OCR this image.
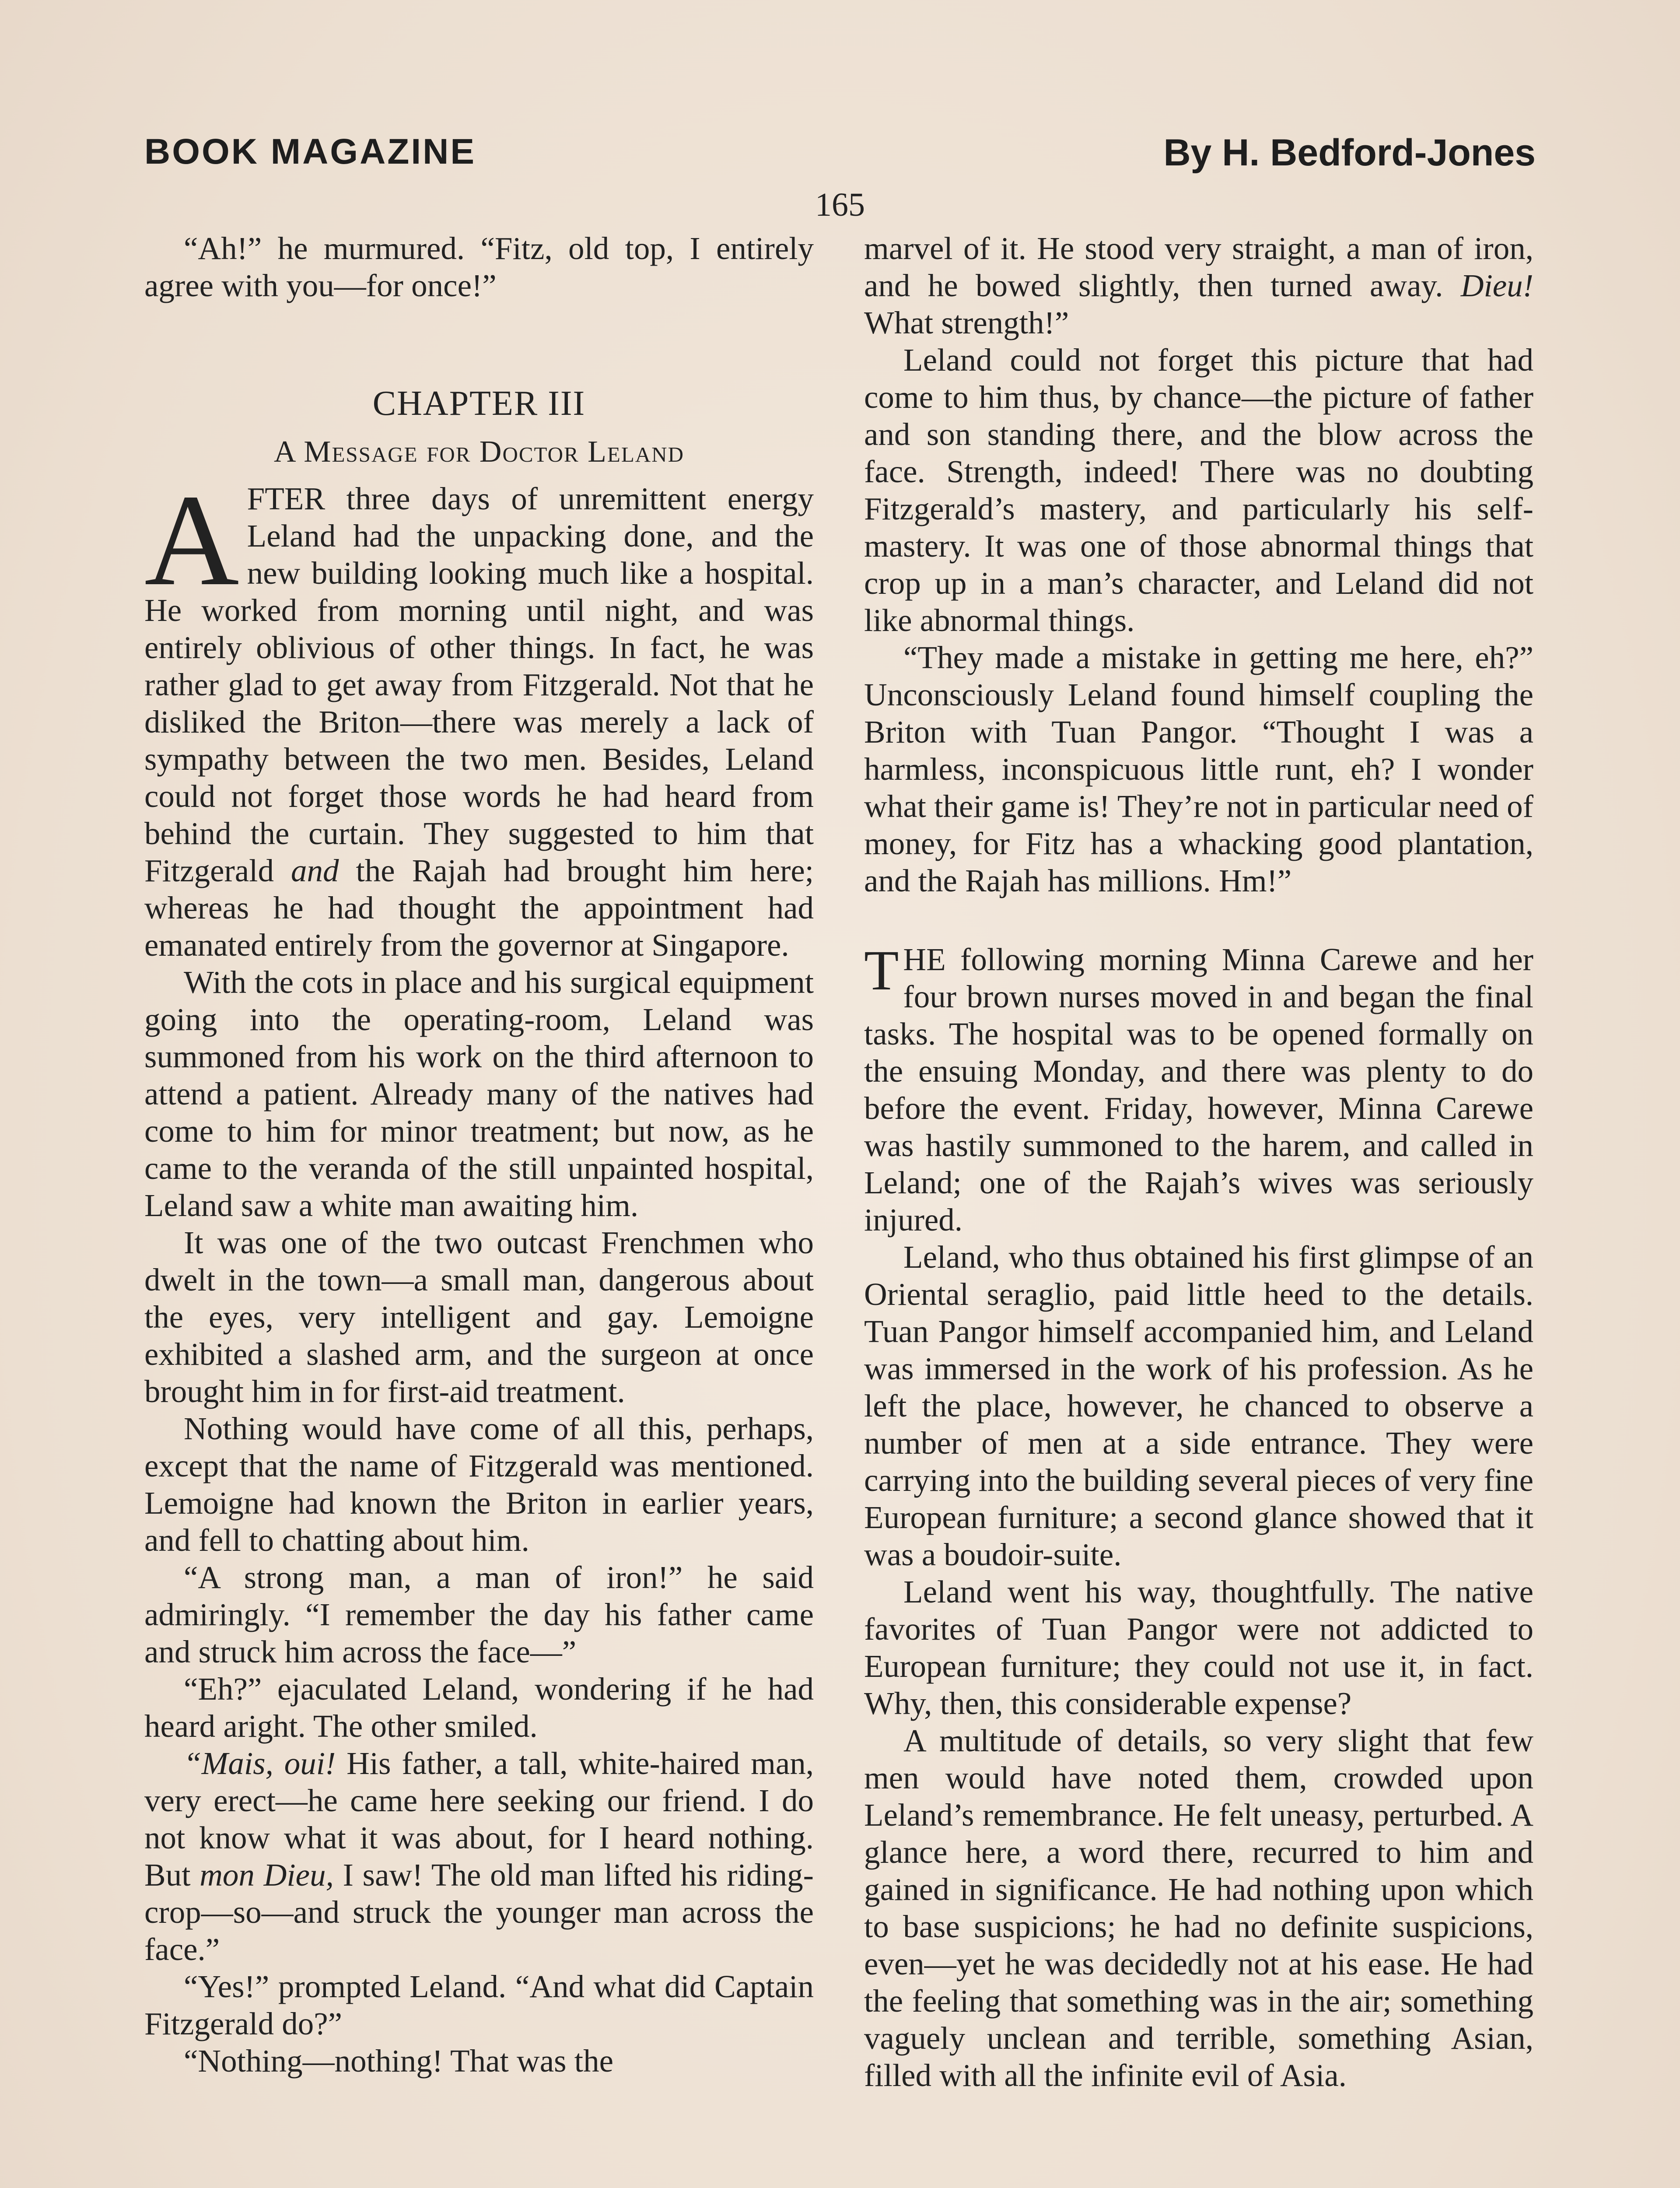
BOOK MAGAZINE	By H. Bedford-Jones
165

“Ah!” he murmured. “Fitz, old top, I entirely agree with you—for once!”

CHAPTER III
A Message for Doctor Leland

AFTER three days of unremittent energy Leland had the unpacking done, and the new building looking much like a hospital. He worked from morning until night, and was entirely oblivious of other things. In fact, he was rather glad to get away from Fitzgerald. Not that he disliked the Briton—there was merely a lack of sympathy between the two men. Besides, Leland could not forget those words he had heard from behind the curtain. They suggested to him that Fitzgerald and the Rajah had brought him here; whereas he had thought the appointment had emanated entirely from the governor at Singapore.

With the cots in place and his surgical equipment going into the operating-room, Leland was summoned from his work on the third afternoon to attend a patient. Already many of the natives had come to him for minor treatment; but now, as he came to the veranda of the still unpainted hospital, Leland saw a white man awaiting him.

It was one of the two outcast Frenchmen who dwelt in the town—a small man, dangerous about the eyes, very intelligent and gay. Lemoigne exhibited a slashed arm, and the surgeon at once brought him in for first-aid treatment.

Nothing would have come of all this, perhaps, except that the name of Fitzgerald was mentioned. Lemoigne had known the Briton in earlier years, and fell to chatting about him.

“A strong man, a man of iron!” he said admiringly. “I remember the day his father came and struck him across the face—”

“Eh?” ejaculated Leland, wondering if he had heard aright. The other smiled.

“Mais, oui! His father, a tall, white-haired man, very erect—he came here seeking our friend. I do not know what it was about, for I heard nothing. But mon Dieu, I saw! The old man lifted his riding-crop—so—and struck the younger man across the face.”

“Yes!” prompted Leland. “And what did Captain Fitzgerald do?”

“Nothing—nothing! That was the

marvel of it. He stood very straight, a man of iron, and he bowed slightly, then turned away. Dieu! What strength!”

Leland could not forget this picture that had come to him thus, by chance—the picture of father and son standing there, and the blow across the face. Strength, indeed! There was no doubting Fitzgerald’s mastery, and particularly his self-mastery. It was one of those abnormal things that crop up in a man’s character, and Leland did not like abnormal things.

“They made a mistake in getting me here, eh?” Unconsciously Leland found himself coupling the Briton with Tuan Pangor. “Thought I was a harmless, inconspicuous little runt, eh? I wonder what their game is! They’re not in particular need of money, for Fitz has a whacking good plantation, and the Rajah has millions. Hm!”

THE following morning Minna Carewe and her four brown nurses moved in and began the final tasks. The hospital was to be opened formally on the ensuing Monday, and there was plenty to do before the event. Friday, however, Minna Carewe was hastily summoned to the harem, and called in Leland; one of the Rajah’s wives was seriously injured.

Leland, who thus obtained his first glimpse of an Oriental seraglio, paid little heed to the details. Tuan Pangor himself accompanied him, and Leland was immersed in the work of his profession. As he left the place, however, he chanced to observe a number of men at a side entrance. They were carrying into the building several pieces of very fine European furniture; a second glance showed that it was a boudoir-suite.

Leland went his way, thoughtfully. The native favorites of Tuan Pangor were not addicted to European furniture; they could not use it, in fact. Why, then, this considerable expense?

A multitude of details, so very slight that few men would have noted them, crowded upon Leland’s remembrance. He felt uneasy, perturbed. A glance here, a word there, recurred to him and gained in significance. He had nothing upon which to base suspicions; he had no definite suspicions, even—yet he was decidedly not at his ease. He had the feeling that something was in the air; something vaguely unclean and terrible, something Asian, filled with all the infinite evil of Asia.
